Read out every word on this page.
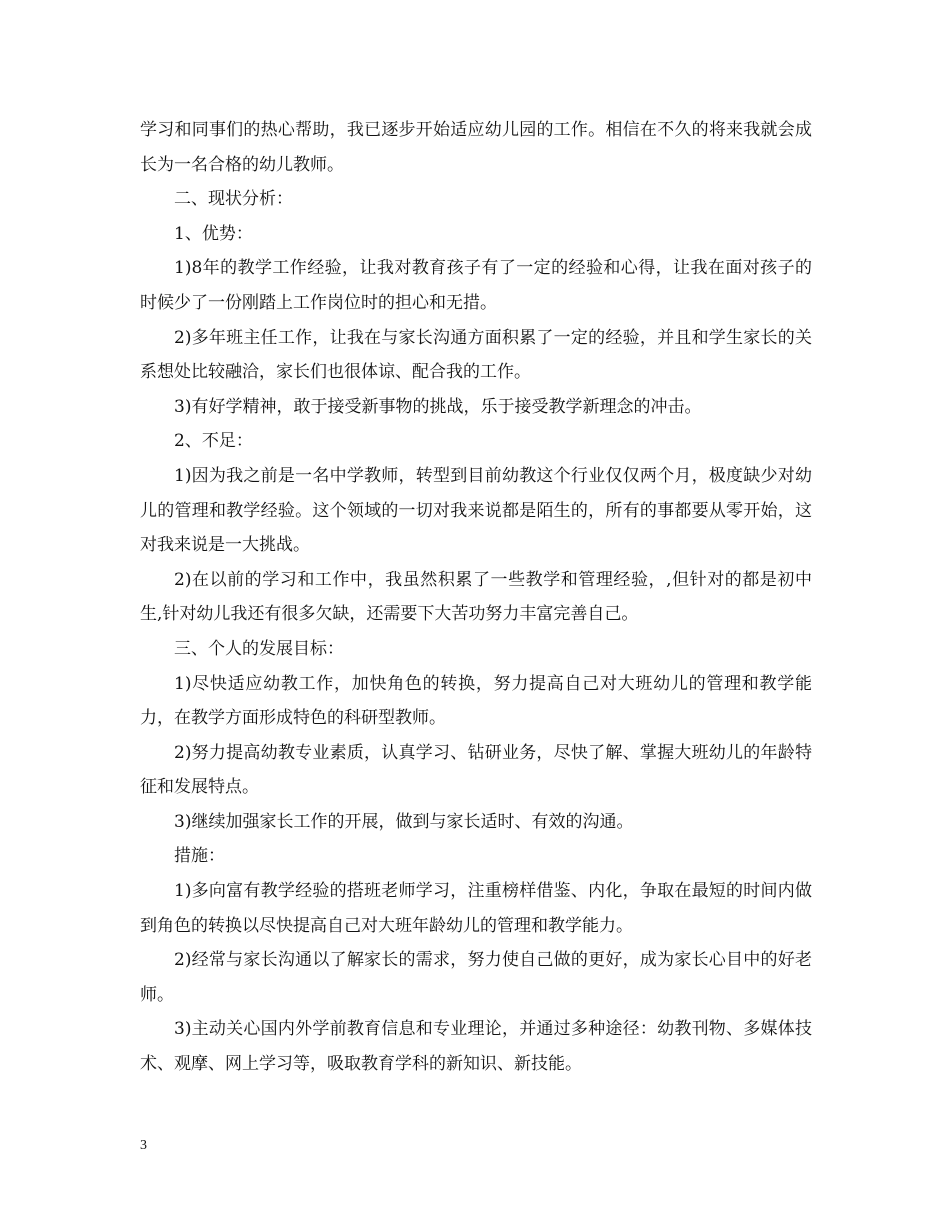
学习和同事们的热心帮助，我已逐步开始适应幼儿园的工作。相信在不久的将来我就会成长为一名合格的幼儿教师。

二、现状分析：

1、优势：

1)8年的教学工作经验，让我对教育孩子有了一定的经验和心得，让我在面对孩子的时候少了一份刚踏上工作岗位时的担心和无措。

2)多年班主任工作，让我在与家长沟通方面积累了一定的经验，并且和学生家长的关系想处比较融洽，家长们也很体谅、配合我的工作。

3)有好学精神，敢于接受新事物的挑战，乐于接受教学新理念的冲击。

2、不足：

1)因为我之前是一名中学教师，转型到目前幼教这个行业仅仅两个月，极度缺少对幼儿的管理和教学经验。这个领域的一切对我来说都是陌生的，所有的事都要从零开始，这对我来说是一大挑战。

2)在以前的学习和工作中，我虽然积累了一些教学和管理经验，,但针对的都是初中生,针对幼儿我还有很多欠缺，还需要下大苦功努力丰富完善自己。

三、个人的发展目标：

1)尽快适应幼教工作，加快角色的转换，努力提高自己对大班幼儿的管理和教学能力，在教学方面形成特色的科研型教师。

2)努力提高幼教专业素质，认真学习、钻研业务，尽快了解、掌握大班幼儿的年龄特征和发展特点。

3)继续加强家长工作的开展，做到与家长适时、有效的沟通。

措施：

1)多向富有教学经验的搭班老师学习，注重榜样借鉴、内化，争取在最短的时间内做到角色的转换以尽快提高自己对大班年龄幼儿的管理和教学能力。

2)经常与家长沟通以了解家长的需求，努力使自己做的更好，成为家长心目中的好老师。

3)主动关心国内外学前教育信息和专业理论，并通过多种途径：幼教刊物、多媒体技术、观摩、网上学习等，吸取教育学科的新知识、新技能。

3
